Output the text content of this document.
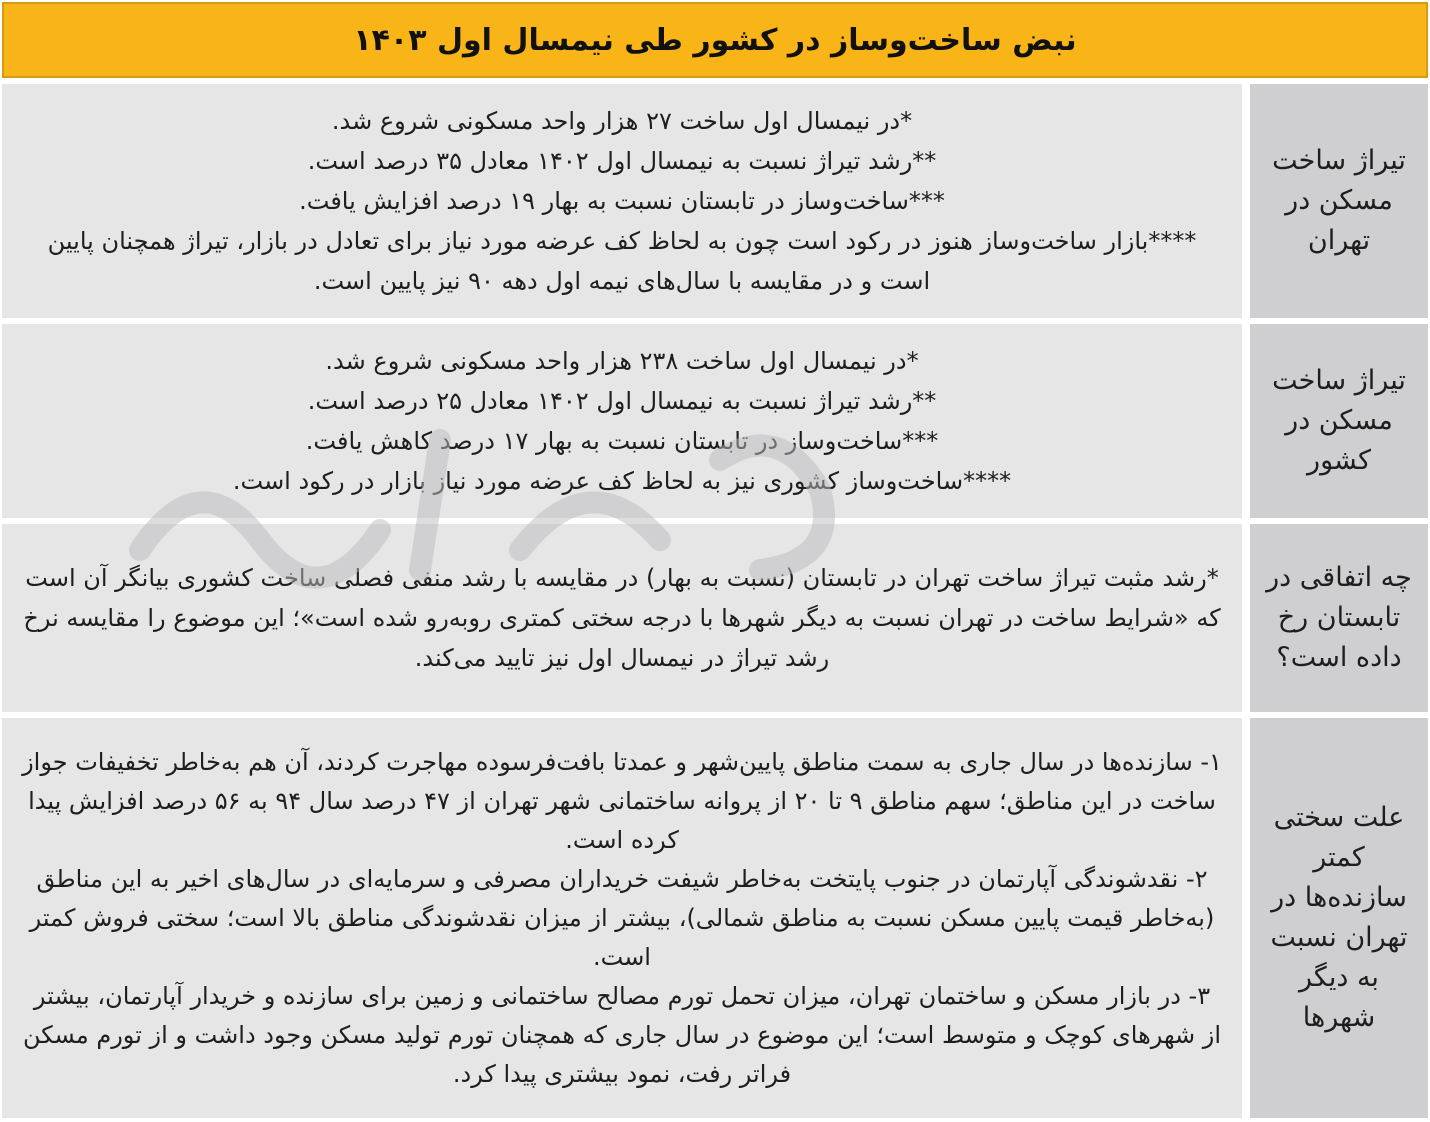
نبض ساخت‌وساز در کشور طی نیمسال اول ۱۴۰۳

*در نیمسال اول ساخت ۲۷ هزار واحد مسکونی شروع شد.

**رشد تیراژ نسبت به نیمسال اول ۱۴۰۲ معادل ۳۵ درصد است.

***ساخت‌وساز در تابستان نسبت به بهار ۱۹ درصد افزایش یافت.

****بازار ساخت‌وساز هنوز در رکود است چون به لحاظ کف عرضه مورد نیاز برای تعادل در بازار، تیراژ همچنان پایین است و در مقایسه با سال‌های نیمه اول دهه ۹۰ نیز پایین است.

تیراژ ساخت مسکن در تهران

*در نیمسال اول ساخت ۲۳۸ هزار واحد مسکونی شروع شد.

**رشد تیراژ نسبت به نیمسال اول ۱۴۰۲ معادل ۲۵ درصد است.

***ساخت‌وساز در تابستان نسبت به بهار ۱۷ درصد کاهش یافت.

****ساخت‌وساز کشوری نیز به لحاظ کف عرضه مورد نیاز بازار در رکود است.

تیراژ ساخت مسکن در کشور

*رشد مثبت تیراژ ساخت تهران در تابستان (نسبت به بهار) در مقایسه با رشد منفی فصلی ساخت کشوری بیانگر آن است که «شرایط ساخت در تهران نسبت به دیگر شهرها با درجه سختی کمتری روبه‌رو شده است»؛ این موضوع را مقایسه نرخ رشد تیراژ در نیمسال اول نیز تایید می‌کند.

چه اتفاقی در تابستان رخ داده است؟

۱- سازنده‌ها در سال جاری به سمت مناطق پایین‌شهر و عمدتا بافت‌فرسوده مهاجرت کردند، آن هم به‌خاطر تخفیفات جواز ساخت در این مناطق؛ سهم مناطق ۹ تا ۲۰ از پروانه ساختمانی شهر تهران از ۴۷ درصد سال ۹۴ به ۵۶ درصد افزایش پیدا کرده است.

۲- نقدشوندگی آپارتمان در جنوب پایتخت به‌خاطر شیفت خریداران مصرفی و سرمایه‌ای در سال‌های اخیر به این مناطق (به‌خاطر قیمت پایین مسکن نسبت به مناطق شمالی)، بیشتر از میزان نقدشوندگی مناطق بالا است؛ سختی فروش کمتر است.

۳- در بازار مسکن و ساختمان تهران، میزان تحمل تورم مصالح ساختمانی و زمین برای سازنده و خریدار آپارتمان، بیشتر از شهرهای کوچک و متوسط است؛ این موضوع در سال جاری که همچنان تورم تولید مسکن وجود داشت و از تورم مسکن فراتر رفت، نمود بیشتری پیدا کرد.

علت سختی کمتر سازنده‌ها در تهران نسبت به دیگر شهرها
